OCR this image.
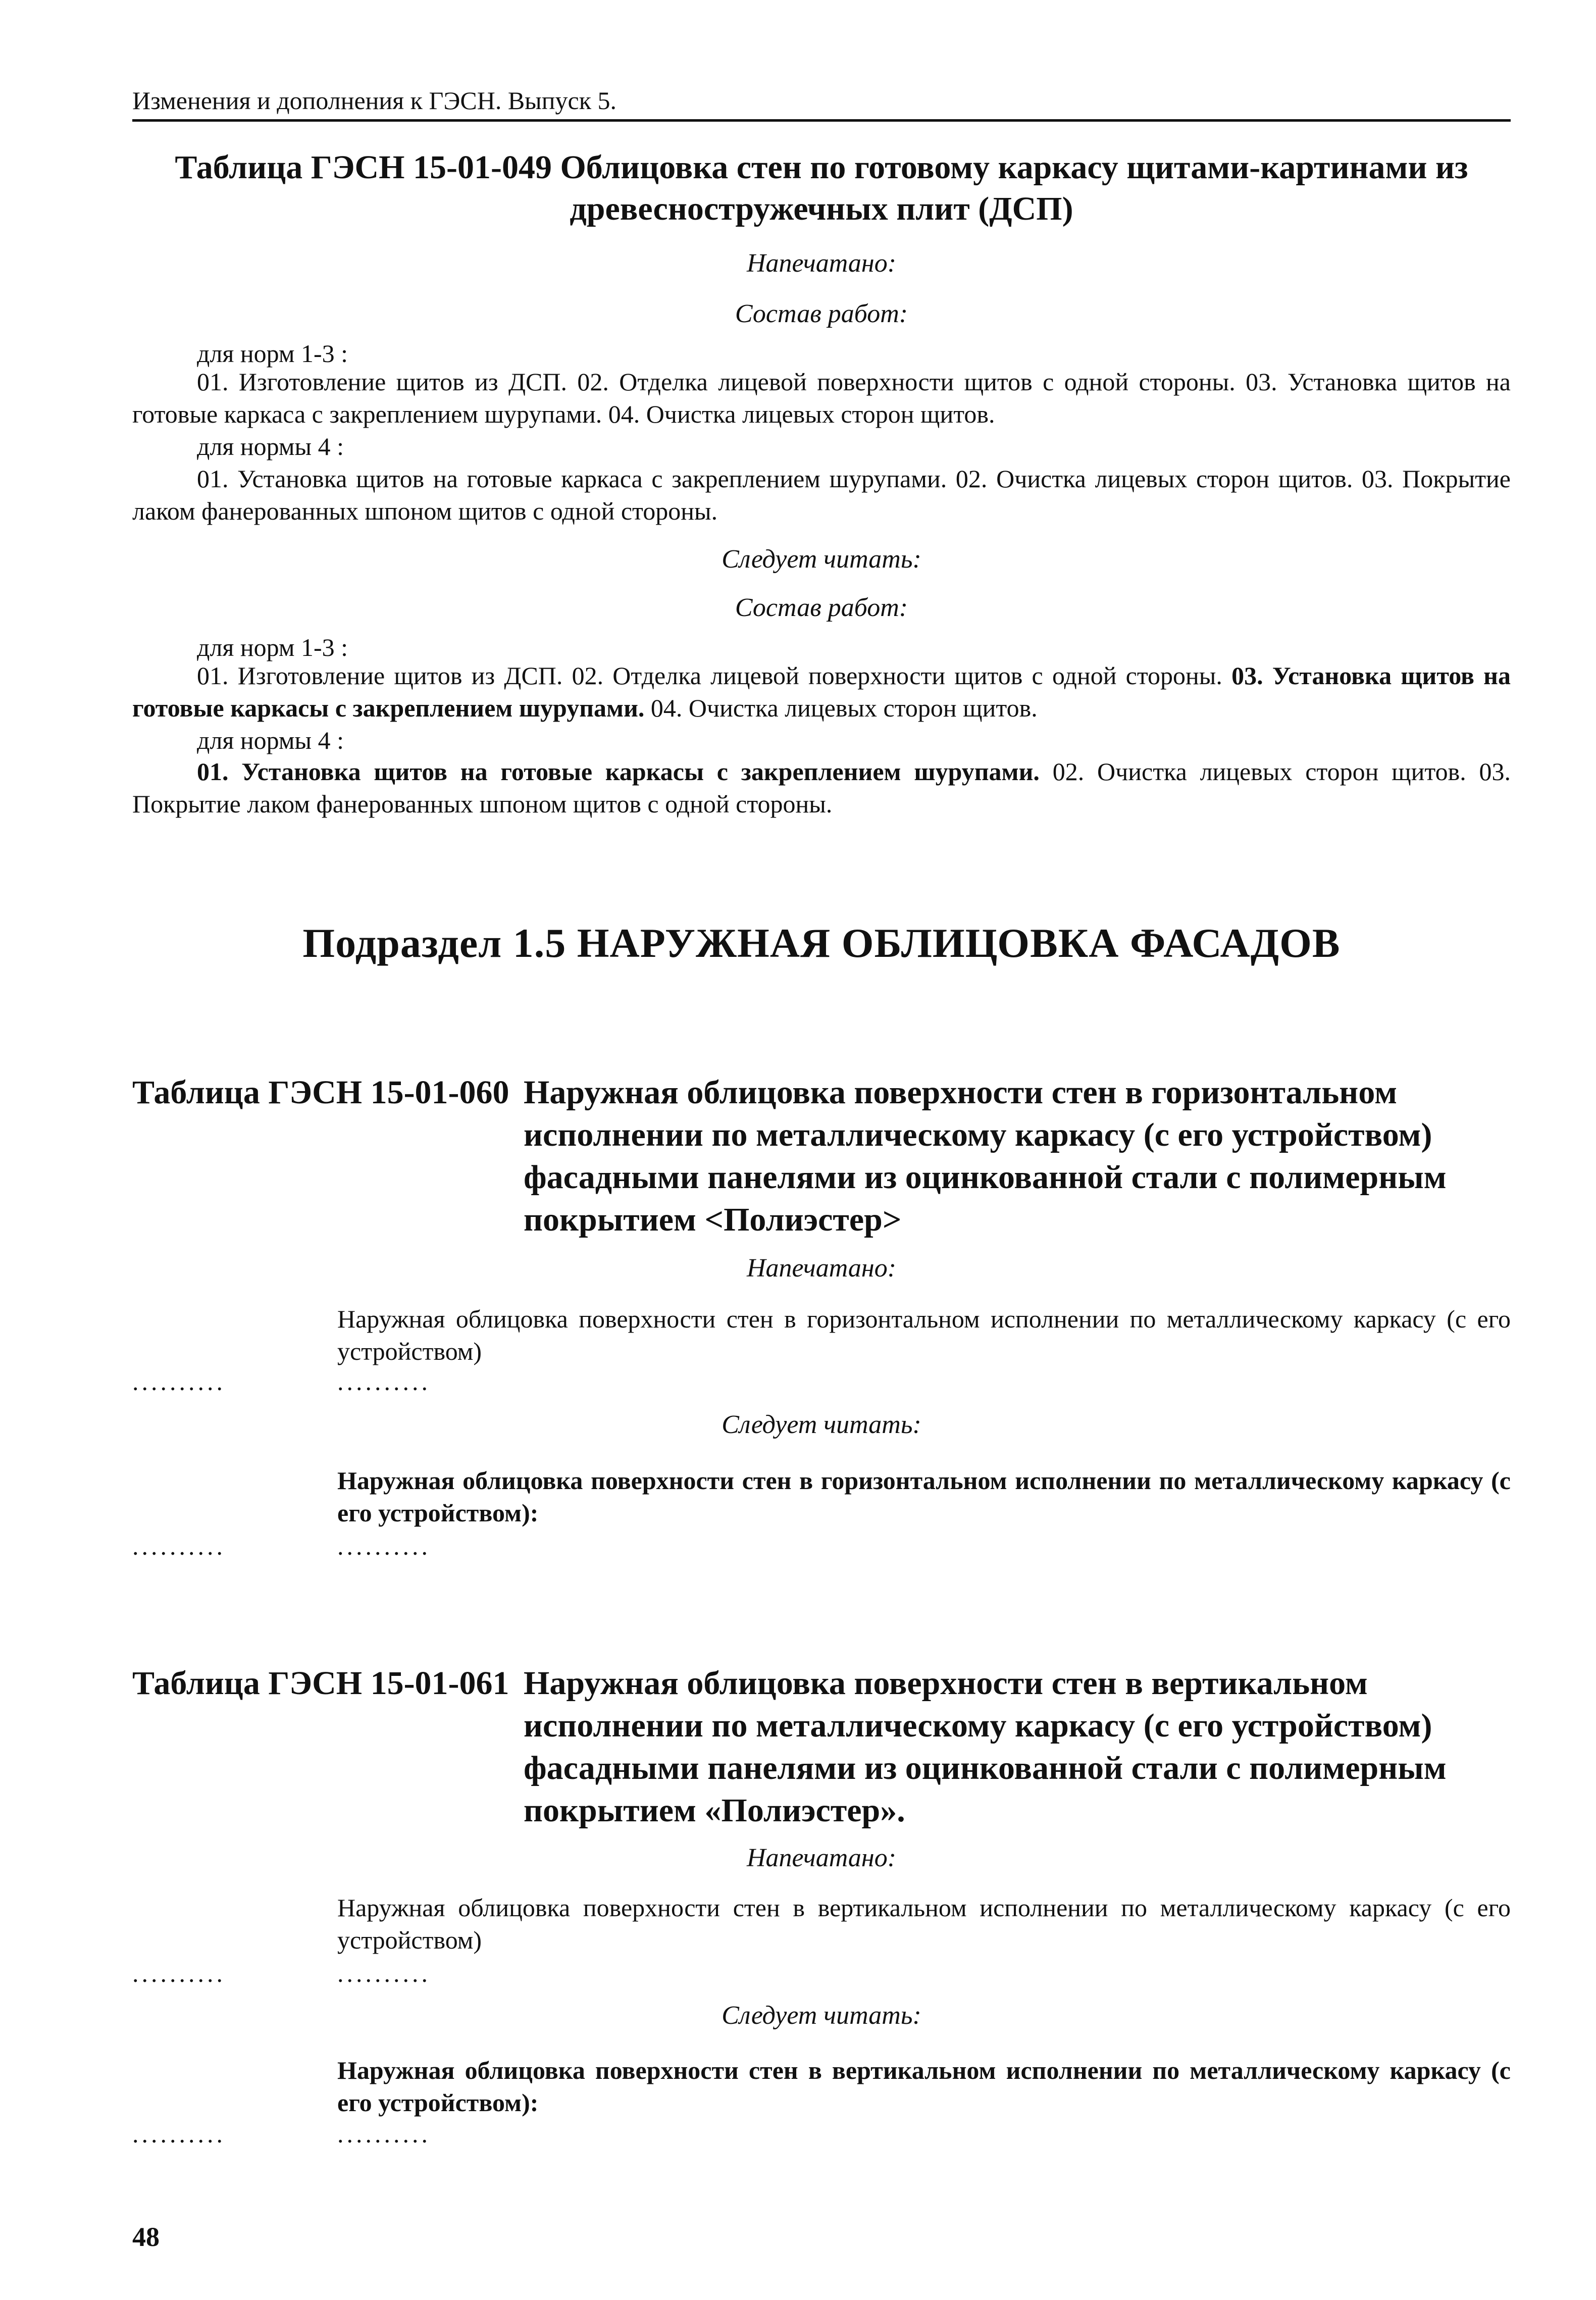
Изменения и дополнения к ГЭСН. Выпуск 5.
Таблица ГЭСН 15-01-049 Облицовка стен по готовому каркасу щитами-картинами из
древесностружечных плит (ДСП)
Напечатано:
Состав работ:
для норм 1-3 :
01. Изготовление щитов из ДСП. 02. Отделка лицевой поверхности щитов с одной стороны. 03. Установка щитов на готовые каркаса с закреплением шурупами. 04. Очистка лицевых сторон щитов.
для нормы 4 :
01. Установка щитов на готовые каркаса с закреплением шурупами. 02. Очистка лицевых сторон щитов. 03. Покрытие лаком фанерованных шпоном щитов с одной стороны.
Следует читать:
Состав работ:
для норм 1-3 :
01. Изготовление щитов из ДСП. 02. Отделка лицевой поверхности щитов с одной стороны. 03. Установка щитов на готовые каркасы с закреплением шурупами. 04. Очистка лицевых сторон щитов.
для нормы 4 :
01. Установка щитов на готовые каркасы с закреплением шурупами. 02. Очистка лицевых сторон щитов. 03. Покрытие лаком фанерованных шпоном щитов с одной стороны.
Подраздел 1.5 НАРУЖНАЯ ОБЛИЦОВКА ФАСАДОВ
Таблица ГЭСН 15-01-060 Наружная облицовка поверхности стен в горизонтальном исполнении по металлическому каркасу (с его устройством) фасадными панелями из оцинкованной стали с полимерным покрытием <Полиэстер>
Напечатано:
Наружная облицовка поверхности стен в горизонтальном исполнении по металлическому каркасу (с его устройством)
..........	..........
Следует читать:
Наружная облицовка поверхности стен в горизонтальном исполнении по металлическому каркасу (с его устройством):
..........	..........
Таблица ГЭСН 15-01-061 Наружная облицовка поверхности стен в вертикальном исполнении по металлическому каркасу (с его устройством) фасадными панелями из оцинкованной стали с полимерным покрытием «Полиэстер».
Напечатано:
Наружная облицовка поверхности стен в вертикальном исполнении по металлическому каркасу (с его устройством)
..........	..........
Следует читать:
Наружная облицовка поверхности стен в вертикальном исполнении по металлическому каркасу (с его устройством):
..........	..........
48
